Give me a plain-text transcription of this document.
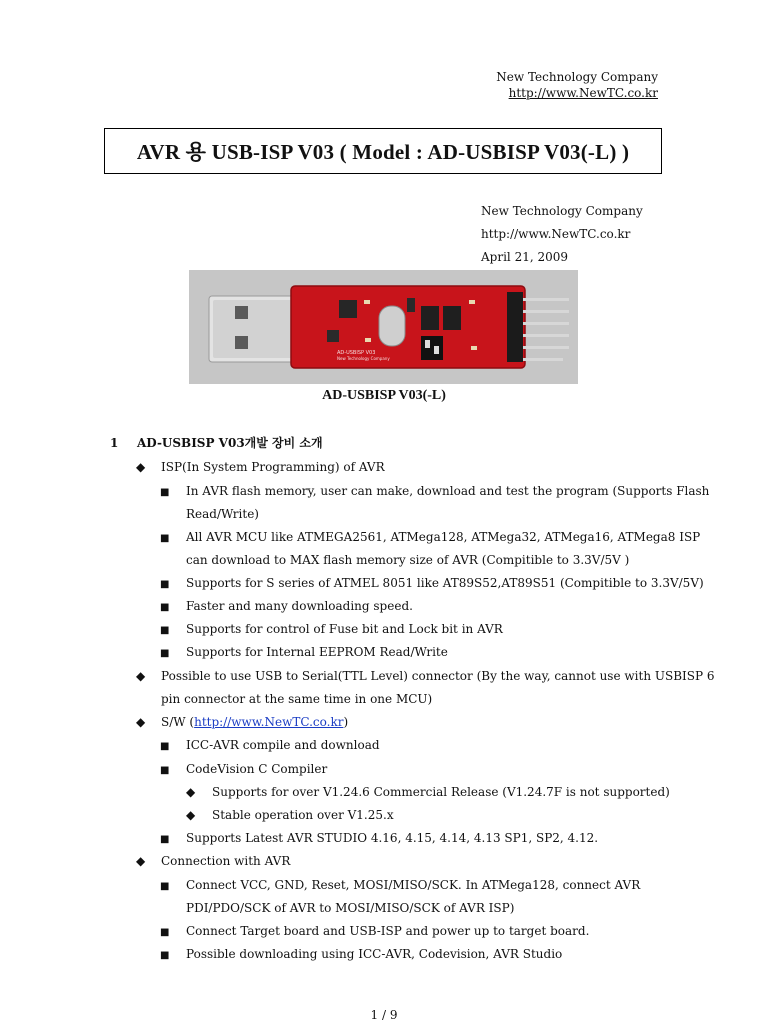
New Technology Company
http://www.NewTC.co.kr
AVR 용 USB-ISP V03 ( Model : AD-USBISP V03(-L) )
New Technology Company
http://www.NewTC.co.kr
April 21, 2009
AD-USBISP V03
New Technology Company
AD-USBISP V03(-L)
1 AD-USBISP V03개발 장비 소개
◆ ISP(In System Programming) of AVR
■ In AVR flash memory, user can make, download and test the program (Supports Flash
Read/Write)
■ All AVR MCU like ATMEGA2561, ATMega128, ATMega32, ATMega16, ATMega8 ISP
can download to MAX flash memory size of AVR (Compitible to 3.3V/5V )
■ Supports for S series of ATMEL 8051 like AT89S52,AT89S51 (Compitible to 3.3V/5V)
■ Faster and many downloading speed.
■ Supports for control of Fuse bit and Lock bit in AVR
■ Supports for Internal EEPROM Read/Write
◆ Possible to use USB to Serial(TTL Level) connector (By the way, cannot use with USBISP 6
pin connector at the same time in one MCU)
◆ S/W (http://www.NewTC.co.kr)
■ ICC-AVR compile and download
■ CodeVision C Compiler
◆ Supports for over V1.24.6 Commercial Release (V1.24.7F is not supported)
◆ Stable operation over V1.25.x
■ Supports Latest AVR STUDIO 4.16, 4.15, 4.14, 4.13 SP1, SP2, 4.12.
◆ Connection with AVR
■ Connect VCC, GND, Reset, MOSI/MISO/SCK. In ATMega128, connect AVR
PDI/PDO/SCK of AVR to MOSI/MISO/SCK of AVR ISP)
■ Connect Target board and USB-ISP and power up to target board.
■ Possible downloading using ICC-AVR, Codevision, AVR Studio
1 / 9
